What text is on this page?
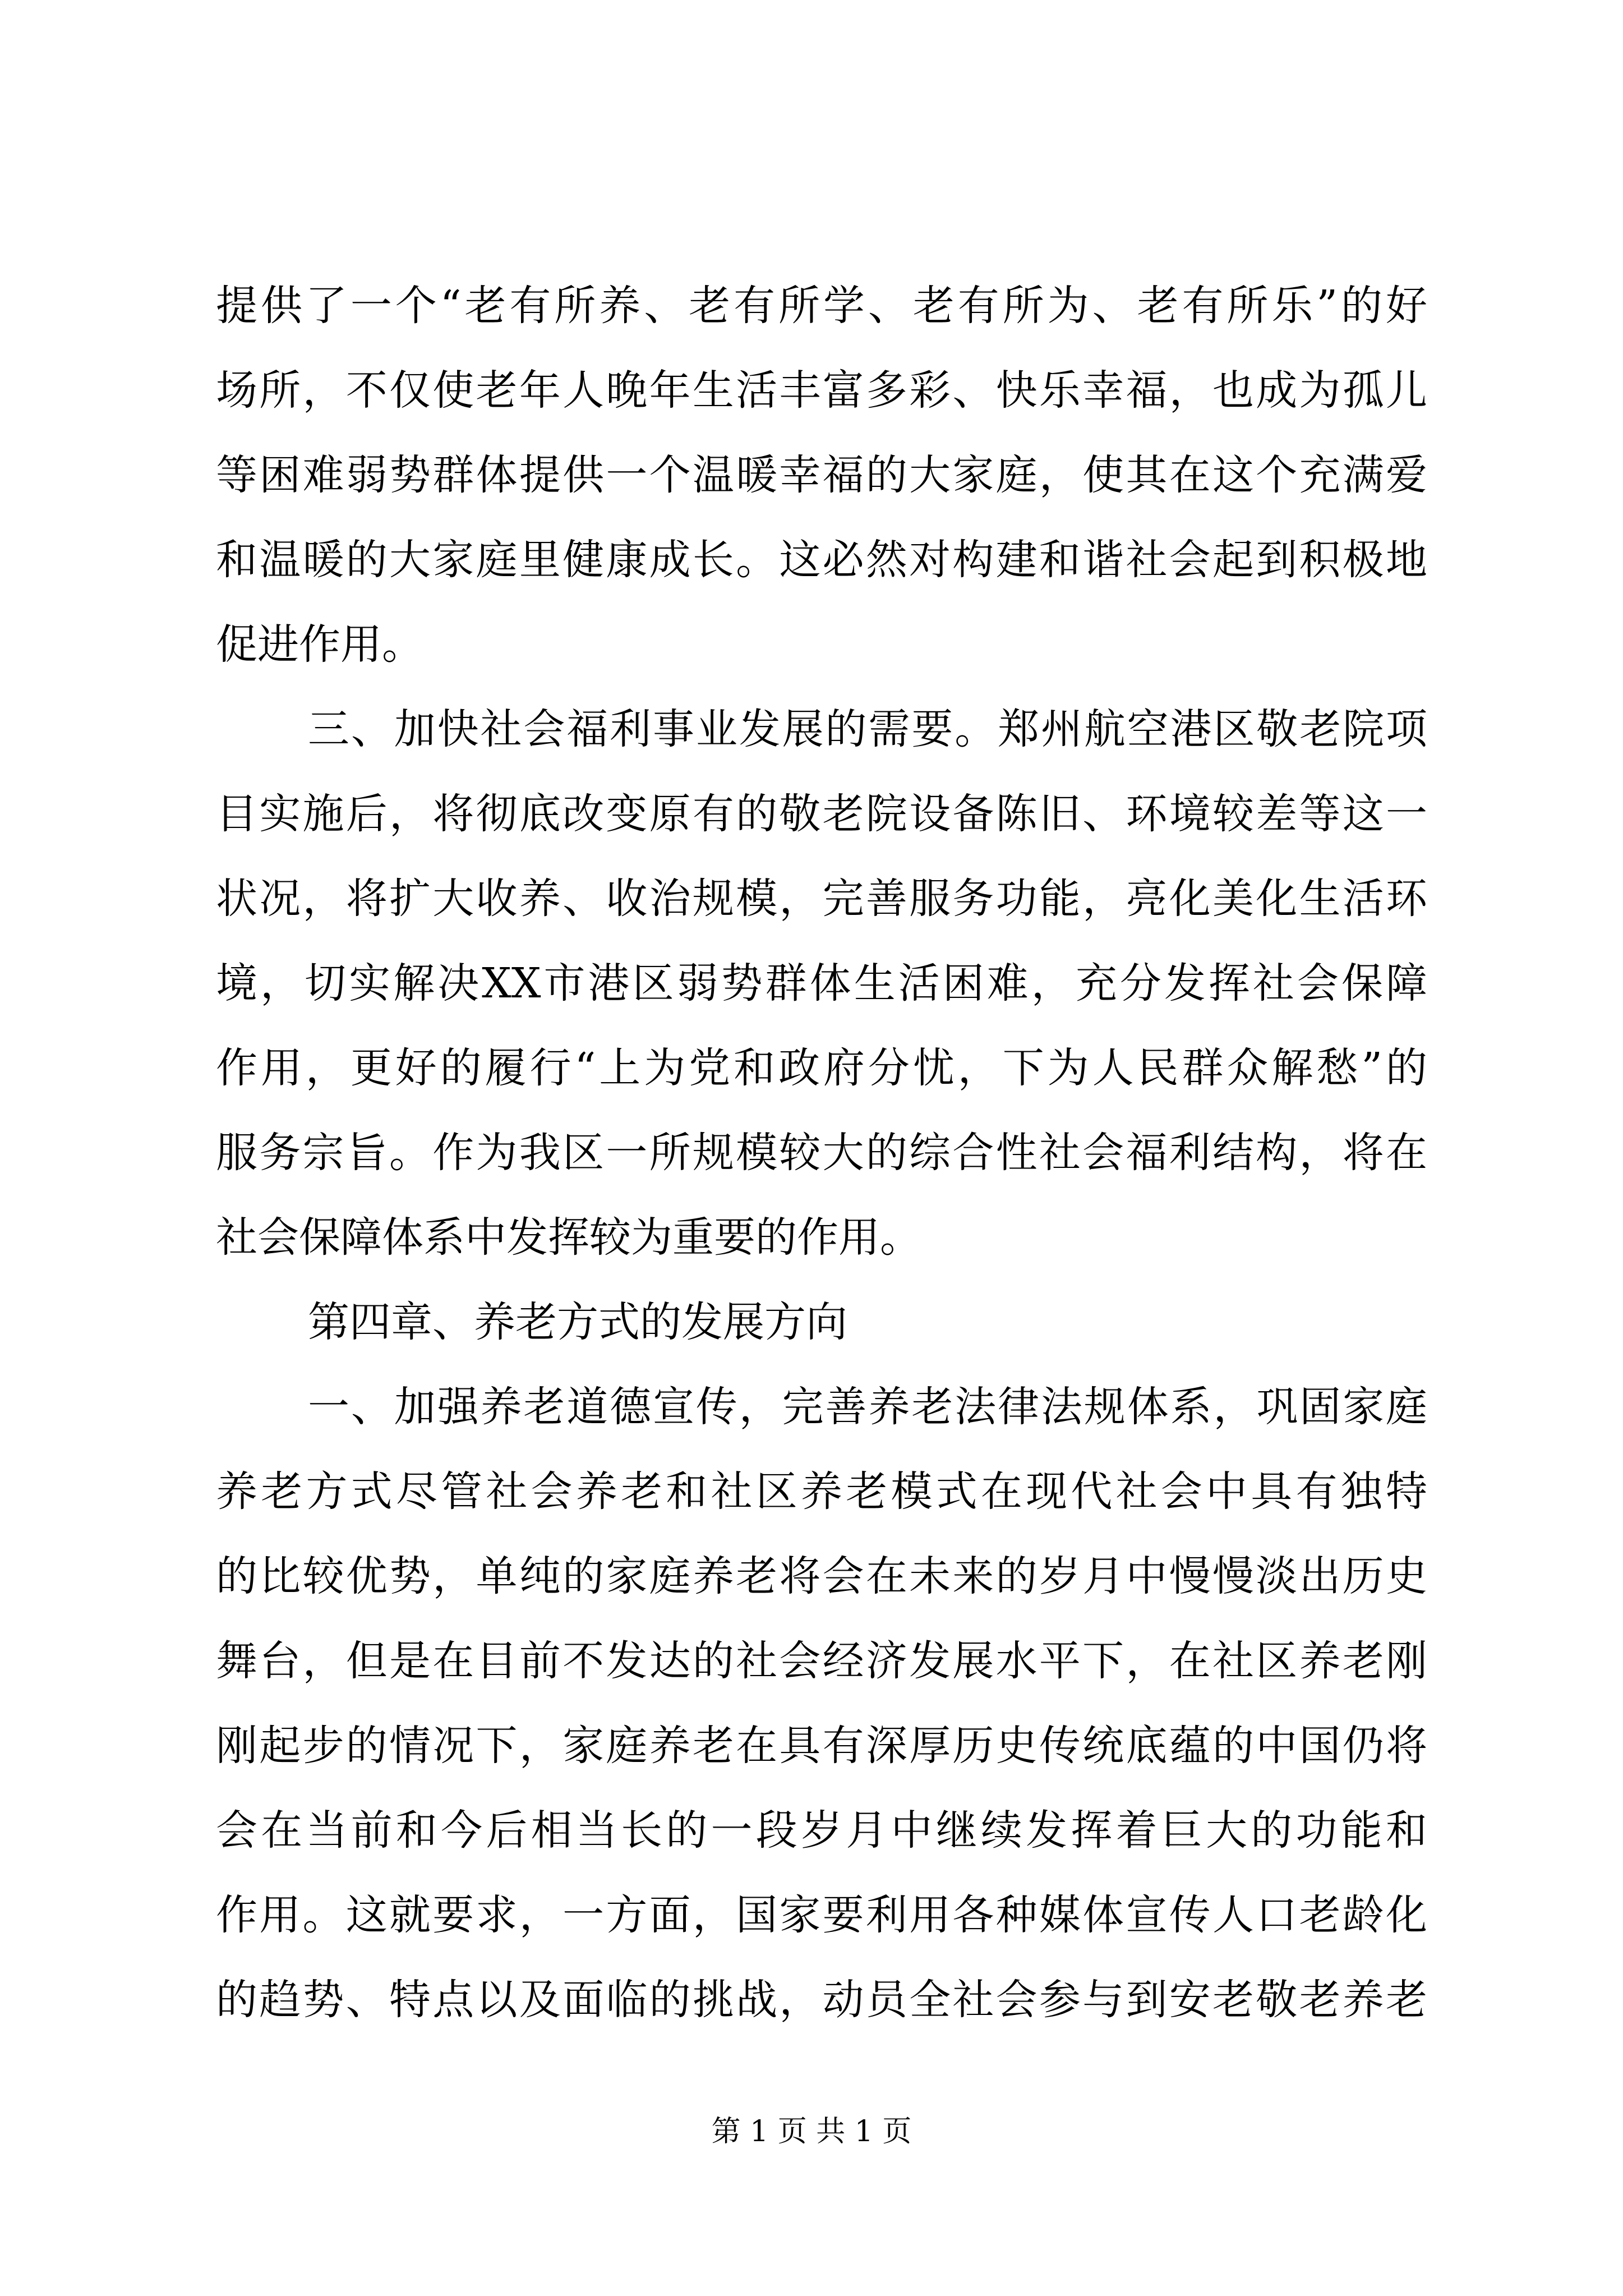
提供了一个“老有所养、老有所学、老有所为、老有所乐”的好
场所，不仅使老年人晚年生活丰富多彩、快乐幸福，也成为孤儿
等困难弱势群体提供一个温暖幸福的大家庭，使其在这个充满爱
和温暖的大家庭里健康成长。这必然对构建和谐社会起到积极地
促进作用。
三、加快社会福利事业发展的需要。郑州航空港区敬老院项
目实施后，将彻底改变原有的敬老院设备陈旧、环境较差等这一
状况，将扩大收养、收治规模，完善服务功能，亮化美化生活环
境，切实解决XX市港区弱势群体生活困难，充分发挥社会保障
作用，更好的履行“上为党和政府分忧，下为人民群众解愁”的
服务宗旨。作为我区一所规模较大的综合性社会福利结构，将在
社会保障体系中发挥较为重要的作用。
第四章、养老方式的发展方向
一、加强养老道德宣传，完善养老法律法规体系，巩固家庭
养老方式尽管社会养老和社区养老模式在现代社会中具有独特
的比较优势，单纯的家庭养老将会在未来的岁月中慢慢淡出历史
舞台，但是在目前不发达的社会经济发展水平下，在社区养老刚
刚起步的情况下，家庭养老在具有深厚历史传统底蕴的中国仍将
会在当前和今后相当长的一段岁月中继续发挥着巨大的功能和
作用。这就要求，一方面，国家要利用各种媒体宣传人口老龄化
的趋势、特点以及面临的挑战，动员全社会参与到安老敬老养老
第 1 页 共 1 页
